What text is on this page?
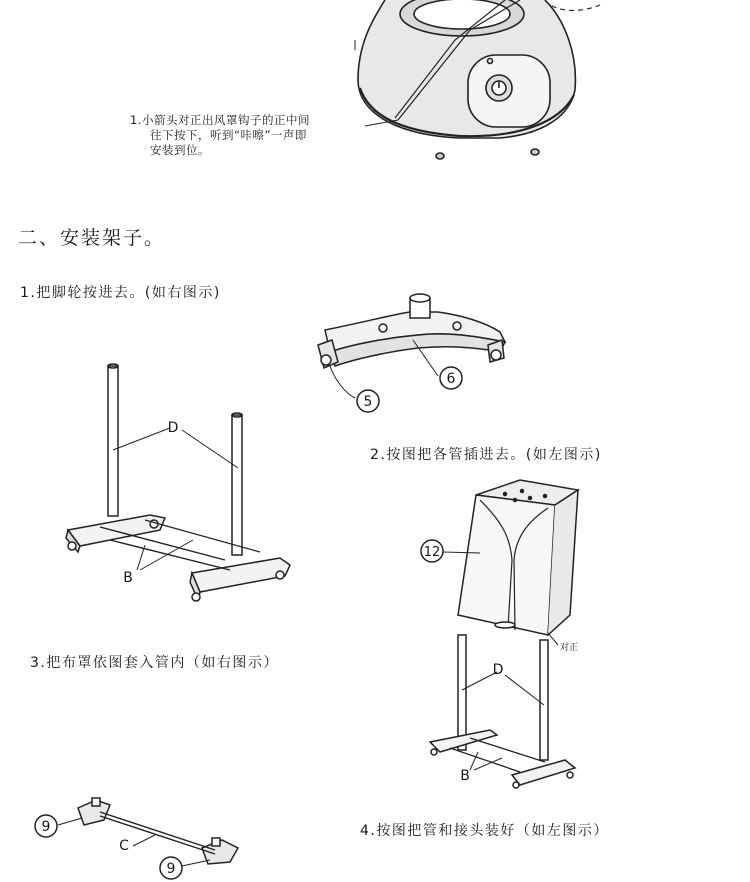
5
6
D
B
12
对正
D
B
9
9
C
1.小箭头对正出风罩钩子的正中间
往下按下，听到“咔嚓”一声即
安装到位。
二、安装架子。
1.把脚轮按进去。(如右图示)
2.按图把各管插进去。(如左图示)
3.把布罩依图套入管内（如右图示）
4.按图把管和接头装好（如左图示）
